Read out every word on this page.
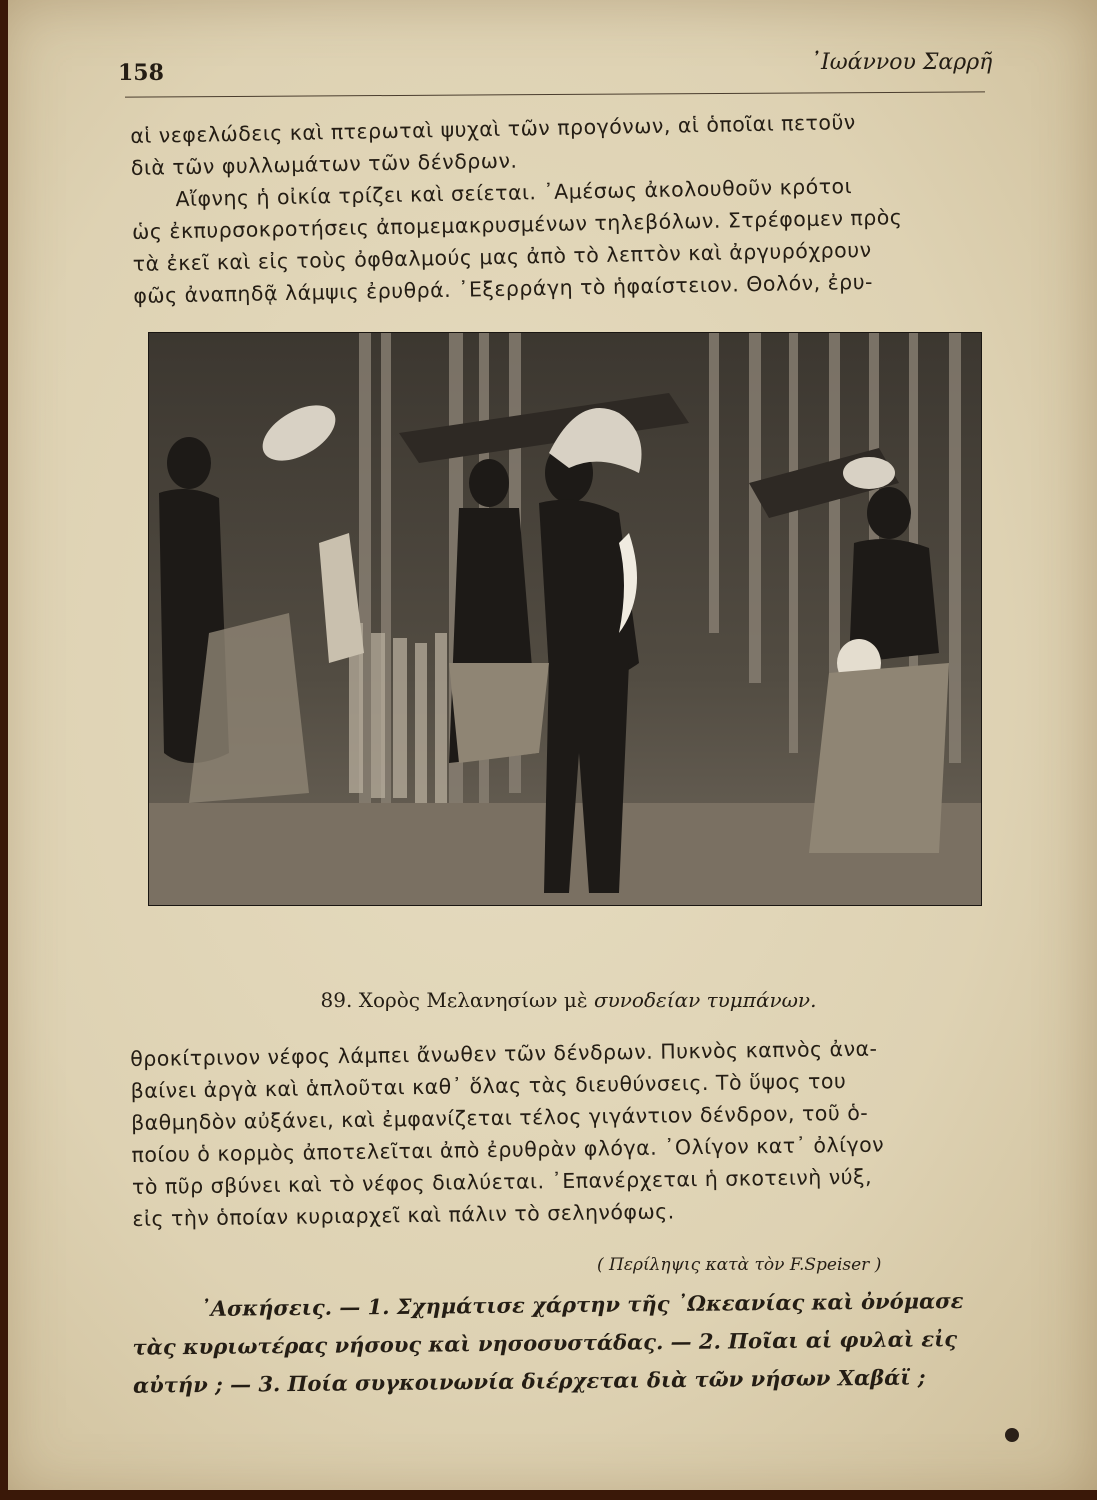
158	᾿Ιωάννου Σαρρῆ
αἱ νεφελώδεις καὶ πτερωταὶ ψυχαὶ τῶν προγόνων, αἱ ὁποῖαι πετοῦν
διὰ τῶν φυλλωμάτων τῶν δένδρων.
Αἴφνης ἡ οἰκία τρίζει καὶ σείεται. ᾿Αμέσως ἀκολουθοῦν κρότοι
ὡς ἐκπυρσοκροτήσεις ἀπομεμακρυσμένων τηλεβόλων. Στρέφομεν πρὸς
τὰ ἐκεῖ καὶ εἰς τοὺς ὀφθαλμούς μας ἀπὸ τὸ λεπτὸν καὶ ἀργυρόχρουν
φῶς ἀναπηδᾷ λάμψις ἐρυθρά. ᾿Εξερράγη τὸ ἡφαίστειον. Θολόν, ἐρυ-
89. Χορὸς Μελανησίων μὲ συνοδείαν τυμπάνων.
θροκίτρινον νέφος λάμπει ἄνωθεν τῶν δένδρων. Πυκνὸς καπνὸς ἀνα-
βαίνει ἀργὰ καὶ ἁπλοῦται καθ᾿ ὅλας τὰς διευθύνσεις. Τὸ ὕψος του
βαθμηδὸν αὐξάνει, καὶ ἐμφανίζεται τέλος γιγάντιον δένδρον, τοῦ ὁ-
ποίου ὁ κορμὸς ἀποτελεῖται ἀπὸ ἐρυθρὰν φλόγα. ᾿Ολίγον κατ᾿ ὀλίγον
τὸ πῦρ σβύνει καὶ τὸ νέφος διαλύεται. ᾿Επανέρχεται ἡ σκοτεινὴ νύξ,
εἰς τὴν ὁποίαν κυριαρχεῖ καὶ πάλιν τὸ σεληνόφως.
( Περίληψις κατὰ τὸν F.Speiser )
᾿Ασκήσεις. — 1. Σχημάτισε χάρτην τῆς ᾿Ωκεανίας καὶ ὀνόμασε
τὰς κυριωτέρας νήσους καὶ νησοσυστάδας. — 2. Ποῖαι αἱ φυλαὶ εἰς
αὐτήν ; — 3. Ποία συγκοινωνία διέρχεται διὰ τῶν νήσων Χαβάϊ ;
